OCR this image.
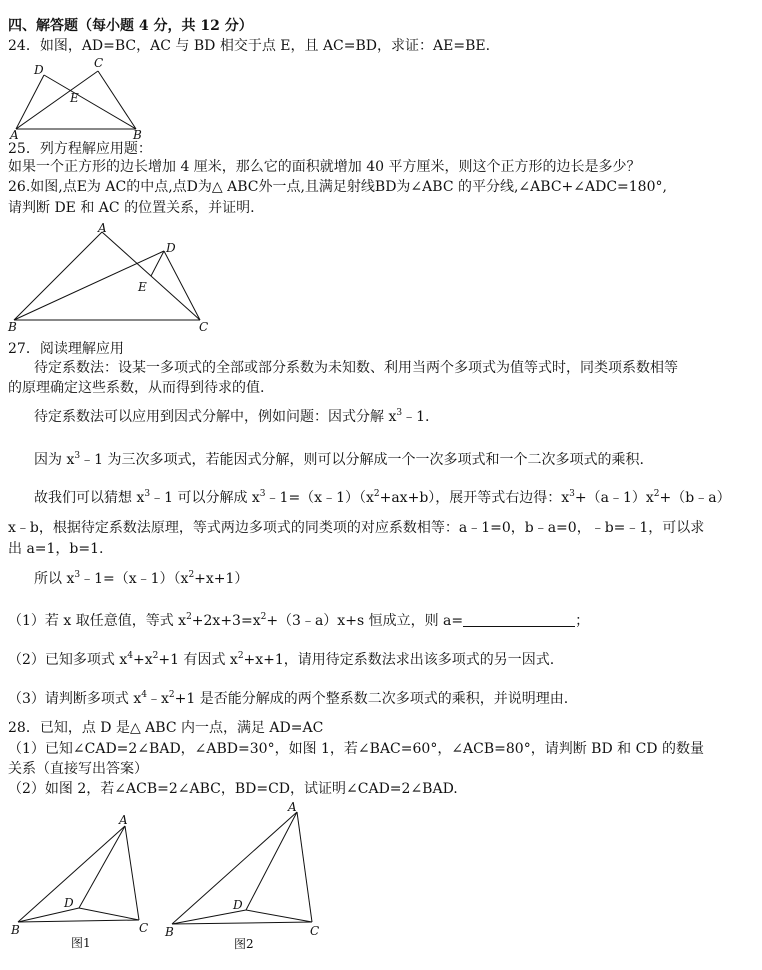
四、解答题（每小题 4 分，共 12 分）
24．如图，AD=BC，AC 与 BD 相交于点 E，且 AC=BD，求证：AE=BE.
D	C
E
A	B
25．列方程解应用题：
如果一个正方形的边长增加 4 厘米，那么它的面积就增加 40 平方厘米，则这个正方形的边长是多少？
26.如图,点E为 AC的中点,点D为△ ABC外一点,且满足射线BD为∠ABC 的平分线,∠ABC+∠ADC=180°,
请判断 DE 和 AC 的位置关系，并证明.
A
D
E
B	C
27．阅读理解应用
待定系数法：设某一多项式的全部或部分系数为未知数、利用当两个多项式为值等式时，同类项系数相等
的原理确定这些系数，从而得到待求的值.
待定系数法可以应用到因式分解中，例如问题：因式分解 $x^3﹣1$.
因为 $x^3﹣1$ 为三次多项式，若能因式分解，则可以分解成一个一次多项式和一个二次多项式的乘积.
故我们可以猜想 $x^3﹣1$ 可以分解成 $x^3﹣1=(x﹣1)(x^2+ax+b)$，展开等式右边得：$x^3+(a﹣1)x^2+(b﹣a)$
x﹣b，根据待定系数法原理，等式两边多项式的同类项的对应系数相等：a﹣1=0，b﹣a=0，﹣b=﹣1，可以求
出 a=1，b=1.
所以 $x^3﹣1=(x﹣1)(x^2+x+1)$
（1）若 x 取任意值，等式 $x^2+2x+3=x^2+(3﹣a)x+s$ 恒成立，则 a=	；
（2）已知多项式 $x^4+x^2+1$ 有因式 $x^2+x+1$，请用待定系数法求出该多项式的另一因式.
（3）请判断多项式 $x^4﹣x^2+1$ 是否能分解成的两个整系数二次多项式的乘积，并说明理由.
28．已知，点 D 是△ ABC 内一点，满足 AD=AC
（1）已知∠CAD=2∠BAD，∠ABD=30°，如图 1，若∠BAC=60°，∠ACB=80°，请判断 BD 和 CD 的数量
关系（直接写出答案）
（2）如图 2，若∠ACB=2∠ABC，BD=CD，试证明∠CAD=2∠BAD.
A
D
B	C
图1
A
D
B	C
图2
